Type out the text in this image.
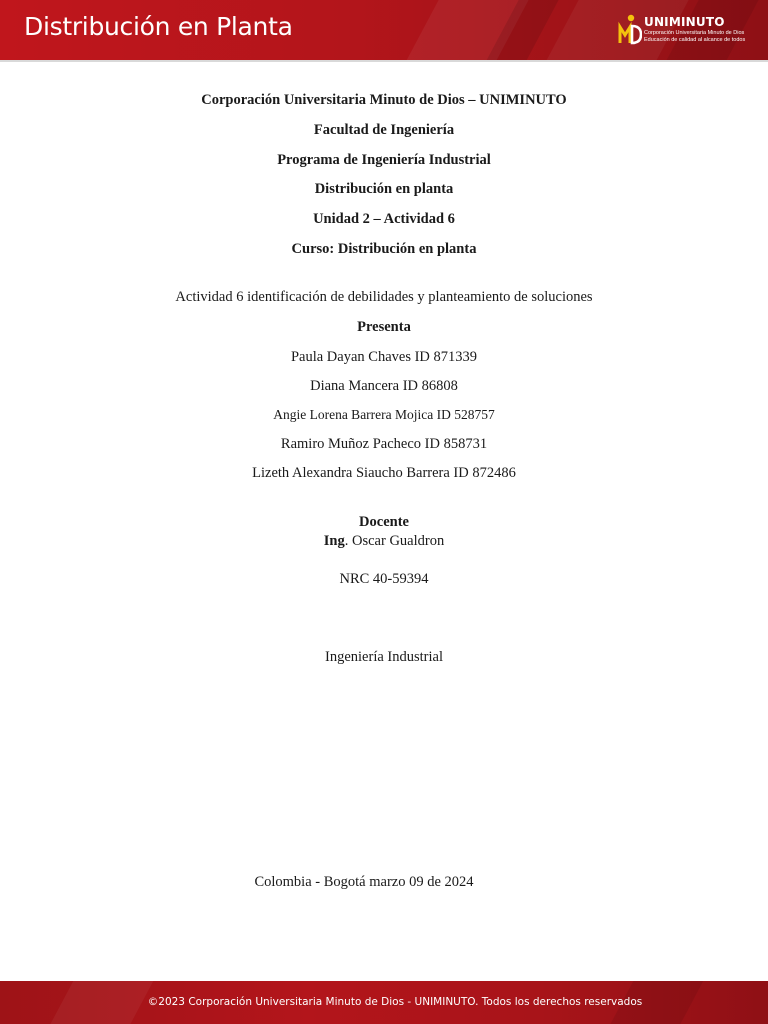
Distribución en Planta	UNIMINUTO
Corporación Universitaria Minuto de Dios
Educación de calidad al alcance de todos
Corporación Universitaria Minuto de Dios – UNIMINUTO
Facultad de Ingeniería
Programa de Ingeniería Industrial
Distribución en planta
Unidad 2 – Actividad 6
Curso: Distribución en planta
Actividad 6 identificación de debilidades y planteamiento de soluciones
Presenta
Paula Dayan Chaves ID 871339
Diana Mancera ID 86808
Angie Lorena Barrera Mojica ID 528757
Ramiro Muñoz Pacheco ID 858731
Lizeth Alexandra Siaucho Barrera ID 872486
Docente
Ing. Oscar Gualdron
NRC 40-59394
Ingeniería Industrial
Colombia - Bogotá marzo 09 de 2024
©2023 Corporación Universitaria Minuto de Dios - UNIMINUTO. Todos los derechos reservados
